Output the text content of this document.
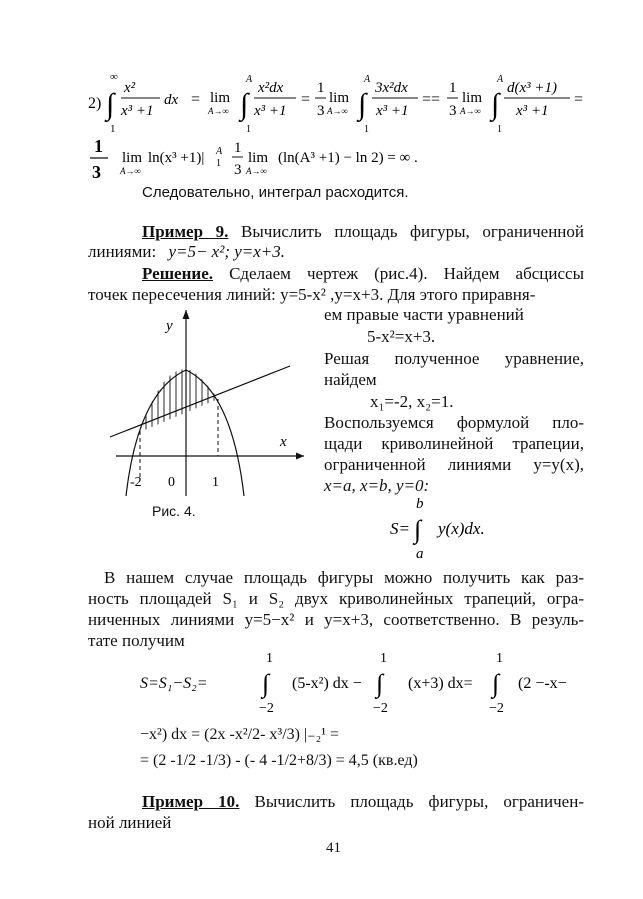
2) ∫
∞
1
x²
x³ +1
dx = lim
A→∞ ∫
A
1
x²dx
x³ +1
=
1
3
lim
A→∞ ∫
A
1
3x²dx
x³ +1
==
1
3
lim
A→∞ ∫
A
1
d(x³ +1)
x³ +1
=
1
3
lim
A→∞
ln(x³ +1)| A
1
1
3
lim
A→∞
(ln(A³ +1) − ln 2) = ∞ .
Следовательно, интеграл расходится.
Пример 9. Вычислить площадь фигуры, ограниченной
линиями: y=5− x²; y=x+3.
Решение. Сделаем чертеж (рис.4). Найдем абсциссы
точек пересечения линий: y=5-x² ,y=x+3. Для этого приравня-
ем правые части уравнений
5-x²=x+3.
Решая полученное уравнение,
найдем
x₁=-2, x₂=1.
Воспользуемся формулой пло-
щади криволинейной трапеции,
ограниченной линиями y=y(x),
x=a, x=b, y=0:
S= ∫
b
a
y(x)dx.
y
x
-2 0	1
Рис. 4.
В нашем случае площадь фигуры можно получить как раз-
ность площадей S₁ и S₂ двух криволинейных трапеций, огра-
ниченных линиями y=5−x² и y=x+3, соответственно. В резуль-
тате получим
S=S₁−S₂= ∫
1
−2
(5-x²) dx − ∫
1
−2
(x+3) dx= ∫
1
−2
(2 −-x−
−x²) dx = (2x -x²/2- x³/3) |₋₂¹ =
= (2 -1/2 -1/3) - (- 4 -1/2+8/3) = 4,5 (кв.ед)
Пример 10. Вычислить площадь фигуры, ограничен-
ной линией
41
